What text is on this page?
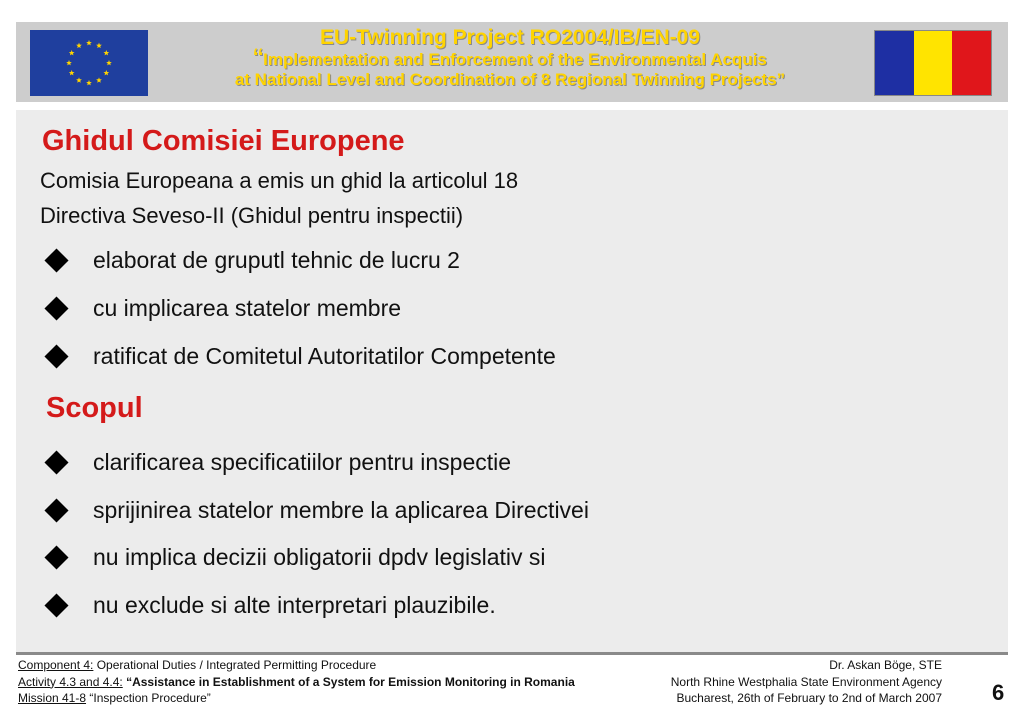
EU-Twinning Project RO2004/IB/EN-09
“Implementation and Enforcement of the Environmental Acquis
at National Level and Coordination of 8 Regional Twinning Projects”
Ghidul Comisiei Europene
Comisia Europeana a emis un ghid la articolul 18
Directiva Seveso-II (Ghidul pentru inspectii)
elaborat de gruputl tehnic de lucru 2
cu implicarea statelor membre
ratificat de Comitetul Autoritatilor Competente
Scopul
clarificarea specificatiilor pentru inspectie
sprijinirea statelor membre la aplicarea Directivei
nu implica decizii obligatorii dpdv legislativ si
nu exclude si alte interpretari plauzibile.
Component 4: Operational Duties / Integrated Permitting Procedure
Activity 4.3 and 4.4: “Assistance in Establishment of a System for Emission Monitoring in Romania
Mission 41-8 “Inspection Procedure”
Dr. Askan Böge, STE
North Rhine Westphalia State Environment Agency
Bucharest, 26th of February to 2nd of March 2007 6
